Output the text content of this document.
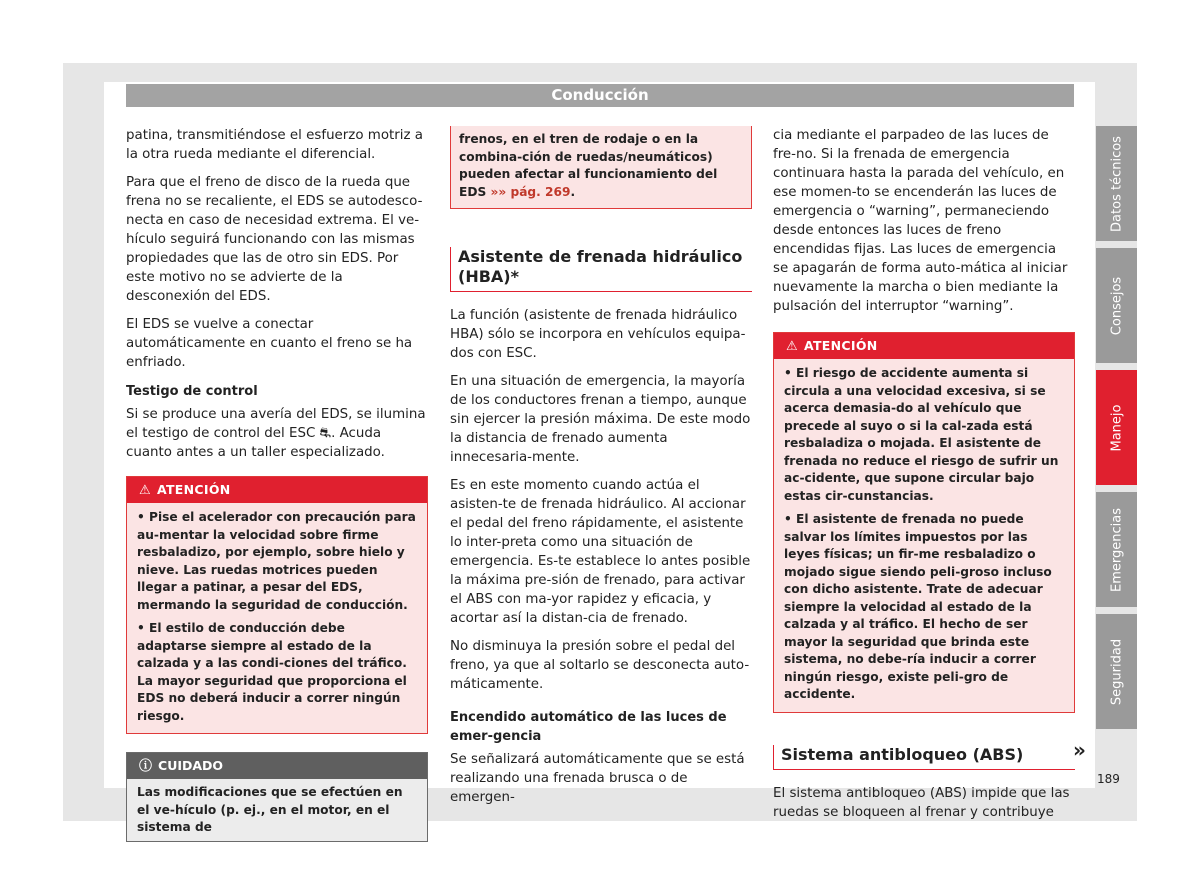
Conducción

patina, transmitiéndose el esfuerzo motriz a la otra rueda mediante el diferencial.

Para que el freno de disco de la rueda que frena no se recaliente, el EDS se autodesco-necta en caso de necesidad extrema. El ve-hículo seguirá funcionando con las mismas propiedades que las de otro sin EDS. Por este motivo no se advierte de la desconexión del EDS.

El EDS se vuelve a conectar automáticamente en cuanto el freno se ha enfriado.

Testigo de control

Si se produce una avería del EDS, se ilumina el testigo de control del ESC ⛐. Acuda cuanto antes a un taller especializado.

⚠ ATENCIÓN

• Pise el acelerador con precaución para au-mentar la velocidad sobre firme resbaladizo, por ejemplo, sobre hielo y nieve. Las ruedas motrices pueden llegar a patinar, a pesar del EDS, mermando la seguridad de conducción.

• El estilo de conducción debe adaptarse siempre al estado de la calzada y a las condi-ciones del tráfico. La mayor seguridad que proporciona el EDS no deberá inducir a correr ningún riesgo.

ⓘ CUIDADO
Las modificaciones que se efectúen en el ve-hículo (p. ej., en el motor, en el sistema de
frenos, en el tren de rodaje o en la combina-ción de ruedas/neumáticos) pueden afectar al funcionamiento del EDS »» pág. 269.
Asistente de frenada hidráulico (HBA)*

La función (asistente de frenada hidráulico HBA) sólo se incorpora en vehículos equipa-dos con ESC.

En una situación de emergencia, la mayoría de los conductores frenan a tiempo, aunque sin ejercer la presión máxima. De este modo la distancia de frenado aumenta innecesaria-mente.

Es en este momento cuando actúa el asisten-te de frenada hidráulico. Al accionar el pedal del freno rápidamente, el asistente lo inter-preta como una situación de emergencia. Es-te establece lo antes posible la máxima pre-sión de frenado, para activar el ABS con ma-yor rapidez y eficacia, y acortar así la distan-cia de frenado.

No disminuya la presión sobre el pedal del freno, ya que al soltarlo se desconecta auto-máticamente.

Encendido automático de las luces de emer-gencia

Se señalizará automáticamente que se está realizando una frenada brusca o de emergen-

cia mediante el parpadeo de las luces de fre-no. Si la frenada de emergencia continuara hasta la parada del vehículo, en ese momen-to se encenderán las luces de emergencia o “warning”, permaneciendo desde entonces las luces de freno encendidas fijas. Las luces de emergencia se apagarán de forma auto-mática al iniciar nuevamente la marcha o bien mediante la pulsación del interruptor “warning”.

⚠ ATENCIÓN

• El riesgo de accidente aumenta si circula a una velocidad excesiva, si se acerca demasia-do al vehículo que precede al suyo o si la cal-zada está resbaladiza o mojada. El asistente de frenada no reduce el riesgo de sufrir un ac-cidente, que supone circular bajo estas cir-cunstancias.

• El asistente de frenada no puede salvar los límites impuestos por las leyes físicas; un fir-me resbaladizo o mojado sigue siendo peli-groso incluso con dicho asistente. Trate de adecuar siempre la velocidad al estado de la calzada y al tráfico. El hecho de ser mayor la seguridad que brinda este sistema, no debe-ría inducir a correr ningún riesgo, existe peli-gro de accidente.

Sistema antibloqueo (ABS)

El sistema antibloqueo (ABS) impide que las ruedas se bloqueen al frenar y contribuye

»
Datos técnicos
Consejos
Manejo
Emergencias
Seguridad
189
